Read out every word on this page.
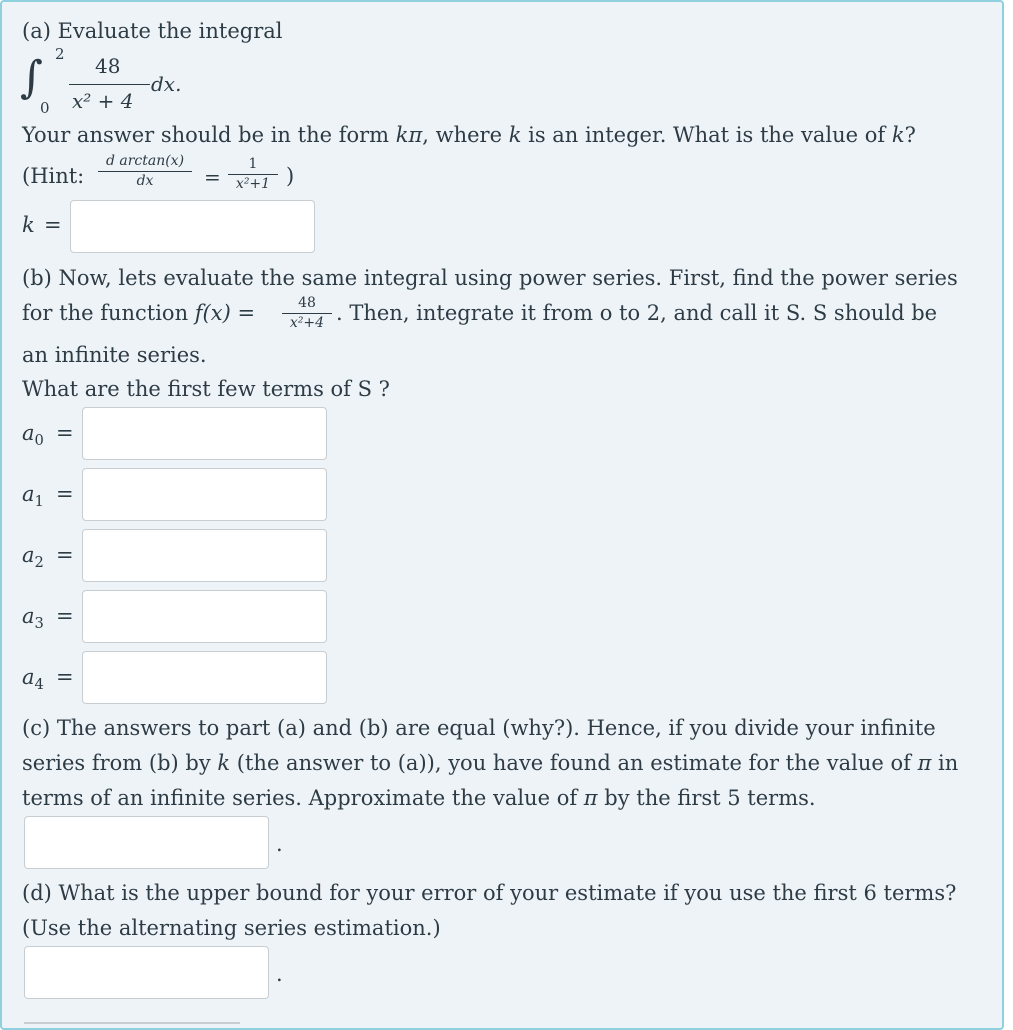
(a) Evaluate the integral
∫ 2
0
48
x² + 4
dx.
Your answer should be in the form kπ, where k is an integer. What is the value of k?
(Hint:
d arctan(x)
dx	=
1
x²+1 )
k =
(b) Now, lets evaluate the same integral using power series. First, find the power series
for the function f(x) =	48
x²+4 . Then, integrate it from o to 2, and call it S. S should be
an infinite series.
What are the first few terms of S ?
$a_0$ =
$a_1$ =
$a_2$ =
$a_3$ =
$a_4$ =
(c) The answers to part (a) and (b) are equal (why?). Hence, if you divide your infinite
series from (b) by k (the answer to (a)), you have found an estimate for the value of π in
terms of an infinite series. Approximate the value of π by the first 5 terms.
.
(d) What is the upper bound for your error of your estimate if you use the first 6 terms?
(Use the alternating series estimation.)
.
